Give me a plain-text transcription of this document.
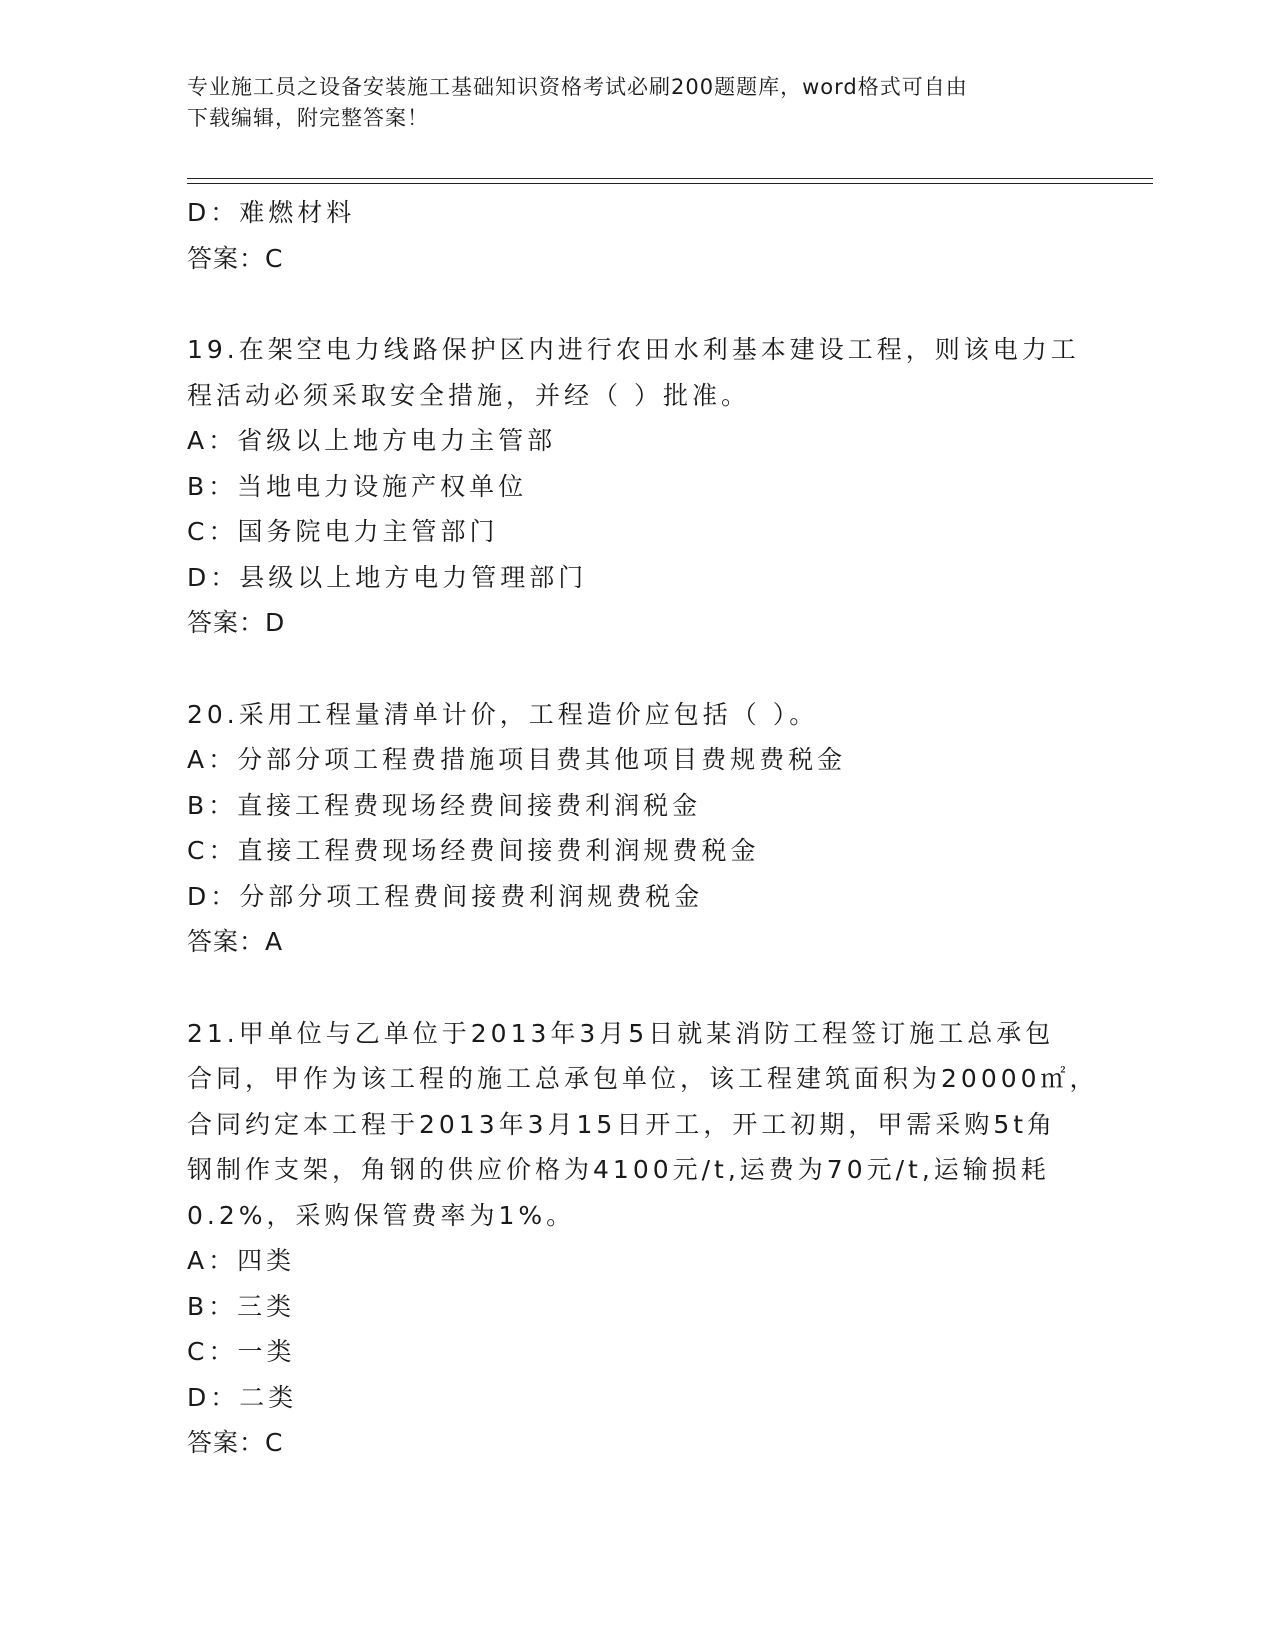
专业施工员之设备安装施工基础知识资格考试必刷200题题库，word格式可自由
下载编辑，附完整答案！
D：难燃材料
答案：C
19.在架空电力线路保护区内进行农田水利基本建设工程，则该电力工
程活动必须采取安全措施，并经（ ）批准。
A：省级以上地方电力主管部
B：当地电力设施产权单位
C：国务院电力主管部门
D：县级以上地方电力管理部门
答案：D
20.采用工程量清单计价，工程造价应包括（ ）。
A：分部分项工程费措施项目费其他项目费规费税金
B：直接工程费现场经费间接费利润税金
C：直接工程费现场经费间接费利润规费税金
D：分部分项工程费间接费利润规费税金
答案：A
21.甲单位与乙单位于2013年3月5日就某消防工程签订施工总承包
合同，甲作为该工程的施工总承包单位，该工程建筑面积为20000㎡，
合同约定本工程于2013年3月15日开工，开工初期，甲需采购5t角
钢制作支架，角钢的供应价格为4100元/t,运费为70元/t,运输损耗
0.2%，采购保管费率为1%。
A：四类
B：三类
C：一类
D：二类
答案：C
